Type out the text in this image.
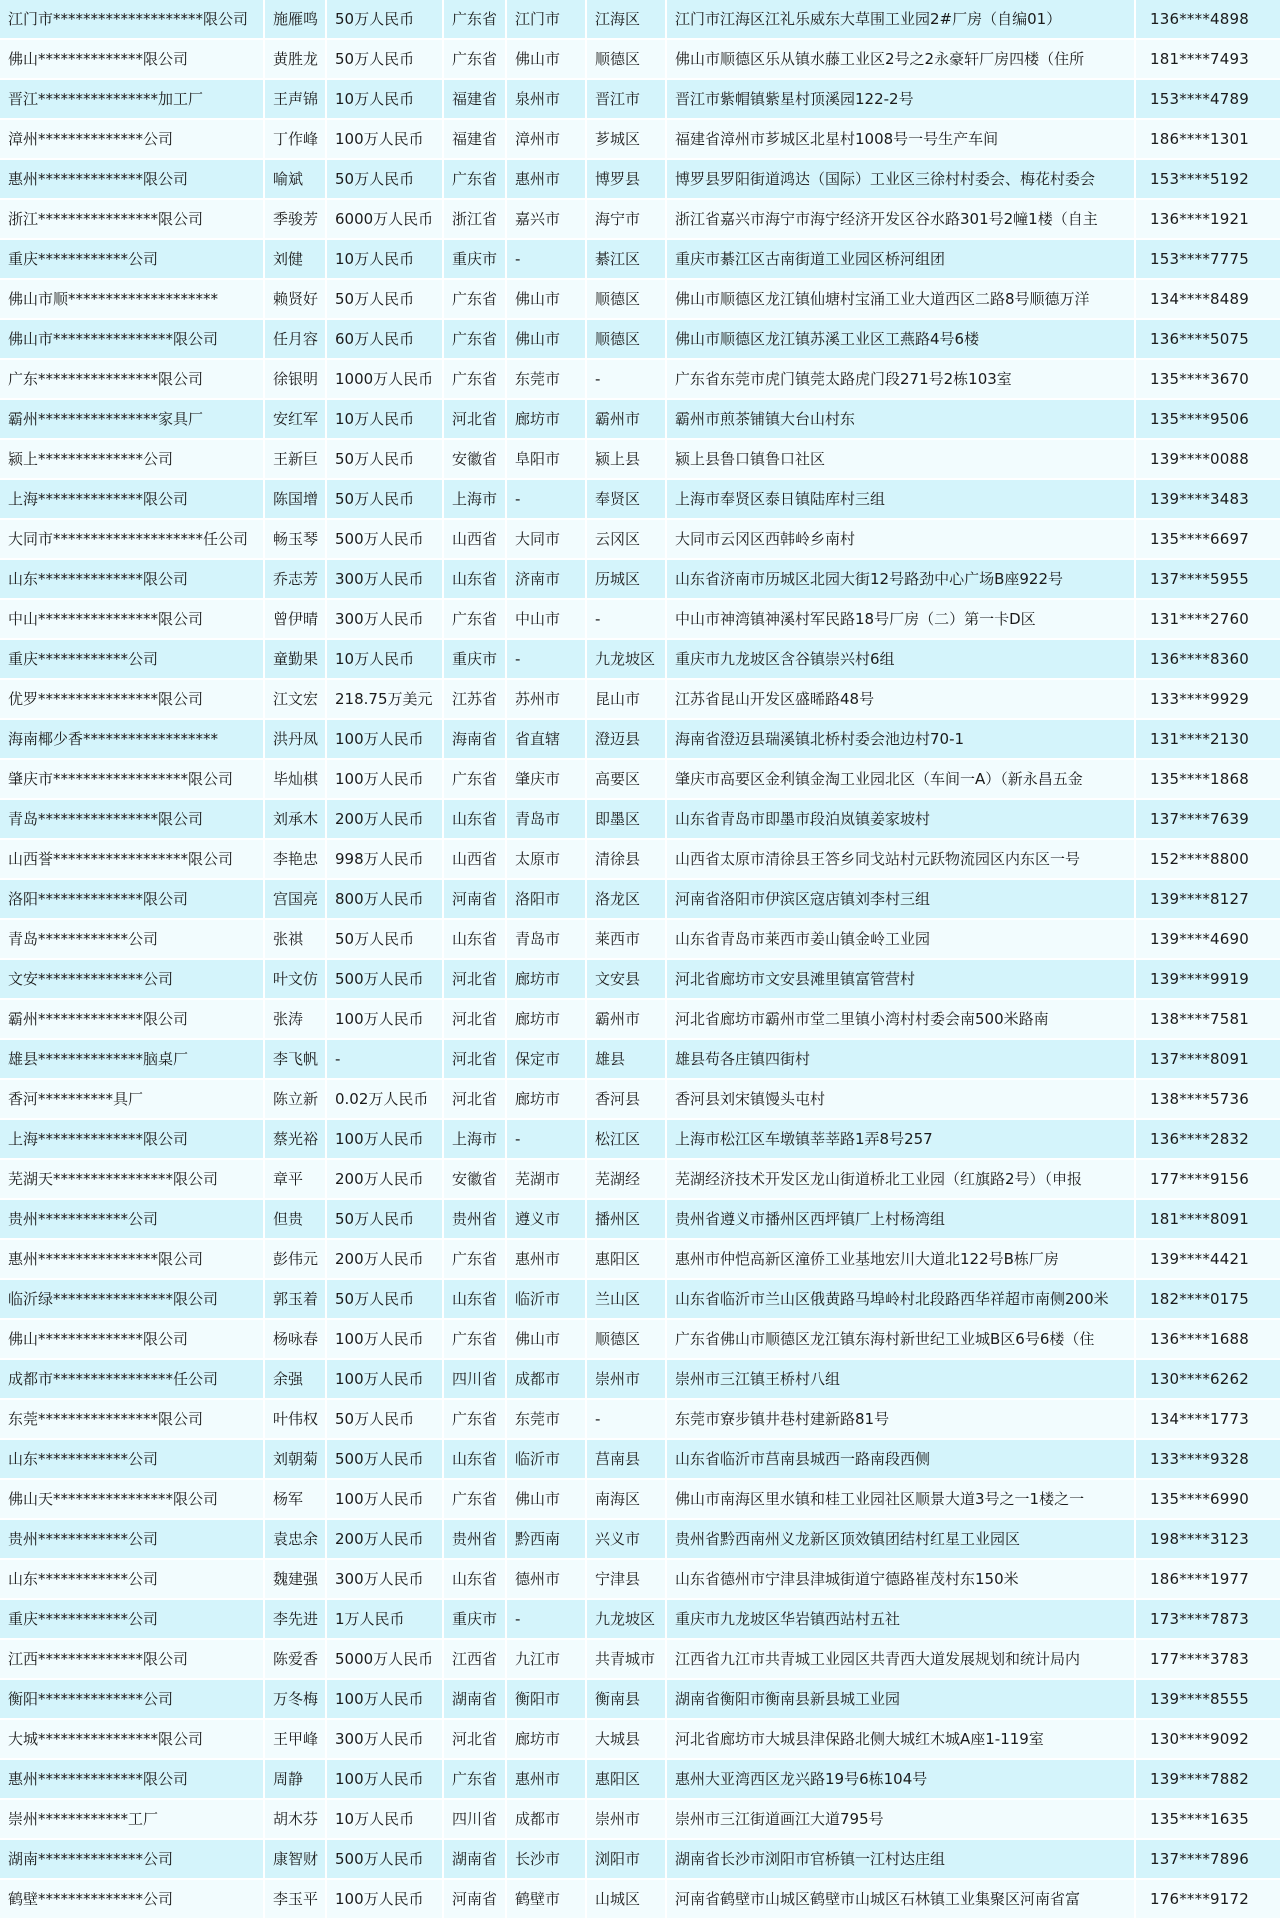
江门市********************限公司	施雁鸣	50万人民币	广东省	江门市	江海区	江门市江海区江礼乐威东大草围工业园2#厂房（自编01）	136****4898
佛山**************限公司	黄胜龙	50万人民币	广东省	佛山市	顺德区	佛山市顺德区乐从镇水藤工业区2号之2永豪轩厂房四楼（住所	181****7493
晋江****************加工厂	王声锦	10万人民币	福建省	泉州市	晋江市	晋江市紫帽镇紫星村顶溪园122-2号	153****4789
漳州**************公司	丁作峰	100万人民币	福建省	漳州市	芗城区	福建省漳州市芗城区北星村1008号一号生产车间	186****1301
惠州**************限公司	喻斌	50万人民币	广东省	惠州市	博罗县	博罗县罗阳街道鸿达（国际）工业区三徐村村委会、梅花村委会	153****5192
浙江****************限公司	季骏芳	6000万人民币	浙江省	嘉兴市	海宁市	浙江省嘉兴市海宁市海宁经济开发区谷水路301号2幢1楼（自主	136****1921
重庆************公司	刘健	10万人民币	重庆市	-	綦江区	重庆市綦江区古南街道工业园区桥河组团	153****7775
佛山市顺********************	赖贤好	50万人民币	广东省	佛山市	顺德区	佛山市顺德区龙江镇仙塘村宝涌工业大道西区二路8号顺德万洋	134****8489
佛山市****************限公司	任月容	60万人民币	广东省	佛山市	顺德区	佛山市顺德区龙江镇苏溪工业区工燕路4号6楼	136****5075
广东****************限公司	徐银明	1000万人民币	广东省	东莞市	-	广东省东莞市虎门镇莞太路虎门段271号2栋103室	135****3670
霸州****************家具厂	安红军	10万人民币	河北省	廊坊市	霸州市	霸州市煎茶铺镇大台山村东	135****9506
颍上**************公司	王新巨	50万人民币	安徽省	阜阳市	颍上县	颍上县鲁口镇鲁口社区	139****0088
上海**************限公司	陈国增	50万人民币	上海市	-	奉贤区	上海市奉贤区泰日镇陆库村三组	139****3483
大同市********************任公司	畅玉琴	500万人民币	山西省	大同市	云冈区	大同市云冈区西韩岭乡南村	135****6697
山东**************限公司	乔志芳	300万人民币	山东省	济南市	历城区	山东省济南市历城区北园大街12号路劲中心广场B座922号	137****5955
中山****************限公司	曾伊晴	300万人民币	广东省	中山市	-	中山市神湾镇神溪村军民路18号厂房（二）第一卡D区	131****2760
重庆************公司	童勤果	10万人民币	重庆市	-	九龙坡区	重庆市九龙坡区含谷镇崇兴村6组	136****8360
优罗****************限公司	江文宏	218.75万美元	江苏省	苏州市	昆山市	江苏省昆山开发区盛晞路48号	133****9929
海南椰少香******************	洪丹凤	100万人民币	海南省	省直辖	澄迈县	海南省澄迈县瑞溪镇北桥村委会池边村70-1	131****2130
肇庆市******************限公司	毕灿棋	100万人民币	广东省	肇庆市	高要区	肇庆市高要区金利镇金淘工业园北区（车间一A）（新永昌五金	135****1868
青岛****************限公司	刘承木	200万人民币	山东省	青岛市	即墨区	山东省青岛市即墨市段泊岚镇姜家坡村	137****7639
山西誉******************限公司	李艳忠	998万人民币	山西省	太原市	清徐县	山西省太原市清徐县王答乡同戈站村元跃物流园区内东区一号	152****8800
洛阳**************限公司	宫国亮	800万人民币	河南省	洛阳市	洛龙区	河南省洛阳市伊滨区寇店镇刘李村三组	139****8127
青岛************公司	张祺	50万人民币	山东省	青岛市	莱西市	山东省青岛市莱西市姜山镇金岭工业园	139****4690
文安**************公司	叶文仿	500万人民币	河北省	廊坊市	文安县	河北省廊坊市文安县滩里镇富管营村	139****9919
霸州**************限公司	张涛	100万人民币	河北省	廊坊市	霸州市	河北省廊坊市霸州市堂二里镇小湾村村委会南500米路南	138****7581
雄县**************脑桌厂	李飞帆	-	河北省	保定市	雄县	雄县苟各庄镇四街村	137****8091
香河**********具厂	陈立新	0.02万人民币	河北省	廊坊市	香河县	香河县刘宋镇馒头屯村	138****5736
上海**************限公司	蔡光裕	100万人民币	上海市	-	松江区	上海市松江区车墩镇莘莘路1弄8号257	136****2832
芜湖天****************限公司	章平	200万人民币	安徽省	芜湖市	芜湖经	芜湖经济技术开发区龙山街道桥北工业园（红旗路2号）（申报	177****9156
贵州************公司	但贵	50万人民币	贵州省	遵义市	播州区	贵州省遵义市播州区西坪镇厂上村杨湾组	181****8091
惠州****************限公司	彭伟元	200万人民币	广东省	惠州市	惠阳区	惠州市仲恺高新区潼侨工业基地宏川大道北122号B栋厂房	139****4421
临沂绿****************限公司	郭玉着	50万人民币	山东省	临沂市	兰山区	山东省临沂市兰山区俄黄路马埠岭村北段路西华祥超市南侧200米	182****0175
佛山**************限公司	杨咏春	100万人民币	广东省	佛山市	顺德区	广东省佛山市顺德区龙江镇东海村新世纪工业城B区6号6楼（住	136****1688
成都市****************任公司	余强	100万人民币	四川省	成都市	崇州市	崇州市三江镇王桥村八组	130****6262
东莞****************限公司	叶伟权	50万人民币	广东省	东莞市	-	东莞市寮步镇井巷村建新路81号	134****1773
山东************公司	刘朝菊	500万人民币	山东省	临沂市	莒南县	山东省临沂市莒南县城西一路南段西侧	133****9328
佛山天****************限公司	杨军	100万人民币	广东省	佛山市	南海区	佛山市南海区里水镇和桂工业园社区顺景大道3号之一1楼之一	135****6990
贵州************公司	袁忠余	200万人民币	贵州省	黔西南	兴义市	贵州省黔西南州义龙新区顶效镇团结村红星工业园区	198****3123
山东************公司	魏建强	300万人民币	山东省	德州市	宁津县	山东省德州市宁津县津城街道宁德路崔茂村东150米	186****1977
重庆************公司	李先进	1万人民币	重庆市	-	九龙坡区	重庆市九龙坡区华岩镇西站村五社	173****7873
江西**************限公司	陈爱香	5000万人民币	江西省	九江市	共青城市	江西省九江市共青城工业园区共青西大道发展规划和统计局内	177****3783
衡阳**************公司	万冬梅	100万人民币	湖南省	衡阳市	衡南县	湖南省衡阳市衡南县新县城工业园	139****8555
大城****************限公司	王甲峰	300万人民币	河北省	廊坊市	大城县	河北省廊坊市大城县津保路北侧大城红木城A座1-119室	130****9092
惠州**************限公司	周静	100万人民币	广东省	惠州市	惠阳区	惠州大亚湾西区龙兴路19号6栋104号	139****7882
崇州************工厂	胡木芬	10万人民币	四川省	成都市	崇州市	崇州市三江街道画江大道795号	135****1635
湖南**************公司	康智财	500万人民币	湖南省	长沙市	浏阳市	湖南省长沙市浏阳市官桥镇一江村达庄组	137****7896
鹤壁**************公司	李玉平	100万人民币	河南省	鹤壁市	山城区	河南省鹤壁市山城区鹤壁市山城区石林镇工业集聚区河南省富	176****9172
